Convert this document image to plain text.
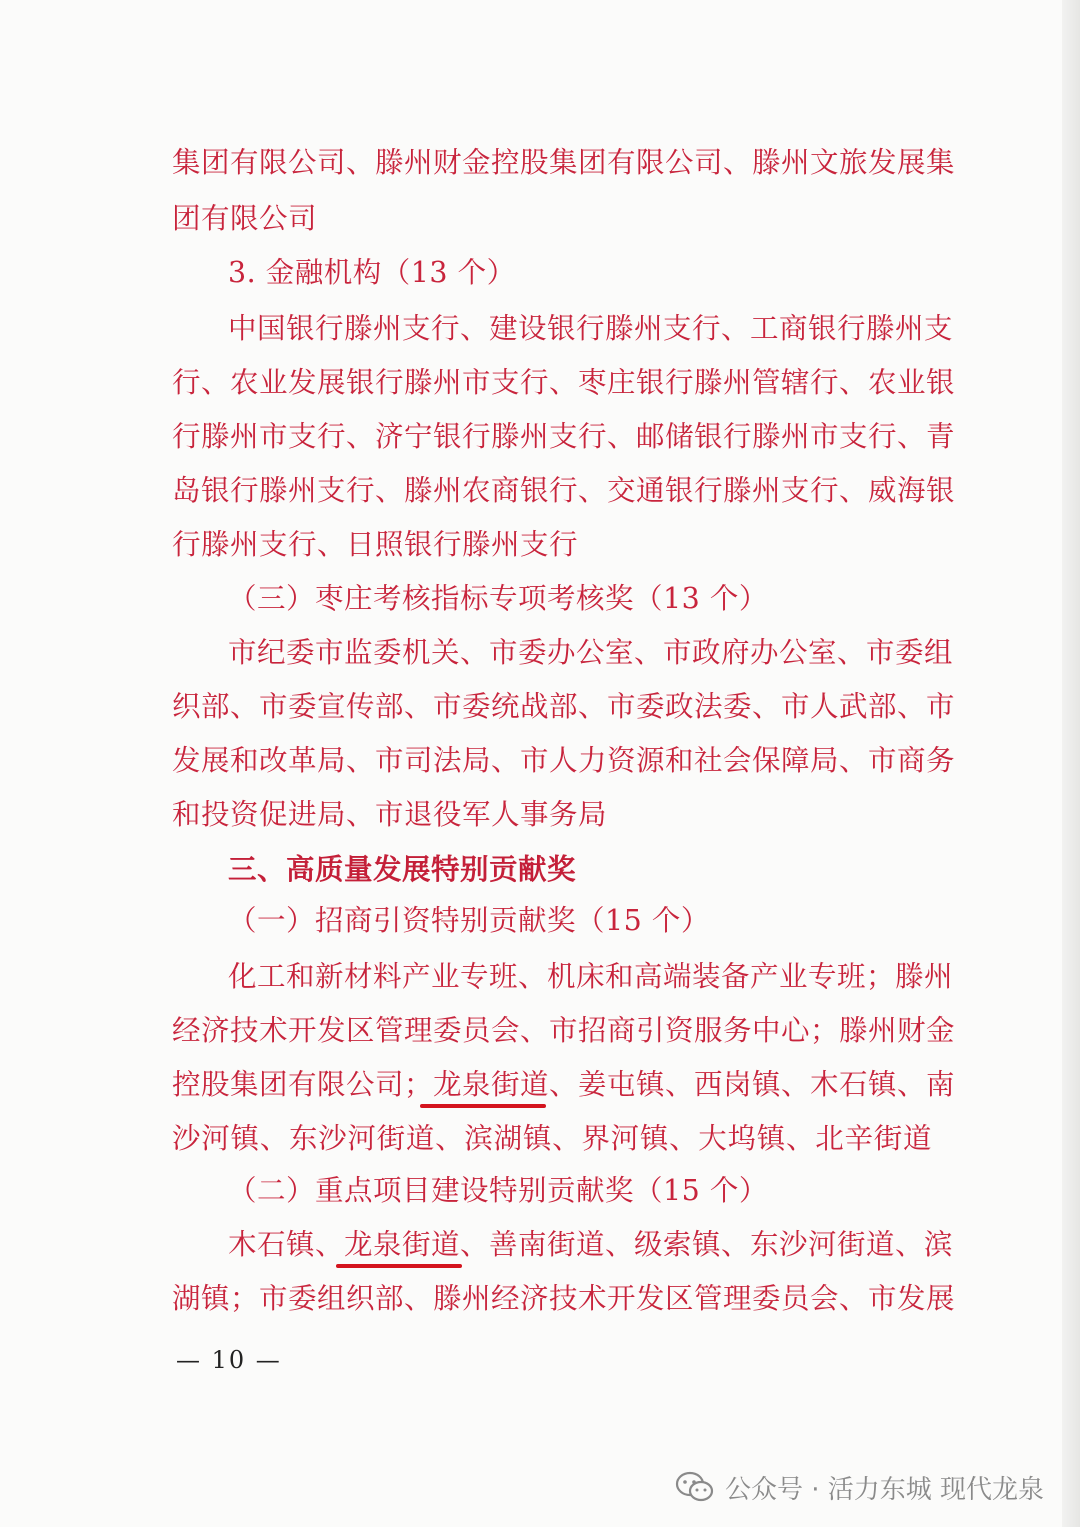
集团有限公司、滕州财金控股集团有限公司、滕州文旅发展集
团有限公司
3. 金融机构（13 个）
中国银行滕州支行、建设银行滕州支行、工商银行滕州支
行、农业发展银行滕州市支行、枣庄银行滕州管辖行、农业银
行滕州市支行、济宁银行滕州支行、邮储银行滕州市支行、青
岛银行滕州支行、滕州农商银行、交通银行滕州支行、威海银
行滕州支行、日照银行滕州支行
（三）枣庄考核指标专项考核奖（13 个）
市纪委市监委机关、市委办公室、市政府办公室、市委组
织部、市委宣传部、市委统战部、市委政法委、市人武部、市
发展和改革局、市司法局、市人力资源和社会保障局、市商务
和投资促进局、市退役军人事务局
三、高质量发展特别贡献奖
（一）招商引资特别贡献奖（15 个）
化工和新材料产业专班、机床和高端装备产业专班；滕州
经济技术开发区管理委员会、市招商引资服务中心；滕州财金
控股集团有限公司；龙泉街道、姜屯镇、西岗镇、木石镇、南
沙河镇、东沙河街道、滨湖镇、界河镇、大坞镇、北辛街道
（二）重点项目建设特别贡献奖（15 个）
木石镇、龙泉街道、善南街道、级索镇、东沙河街道、滨
湖镇；市委组织部、滕州经济技术开发区管理委员会、市发展
— 10 —
公众号 · 活力东城 现代龙泉
